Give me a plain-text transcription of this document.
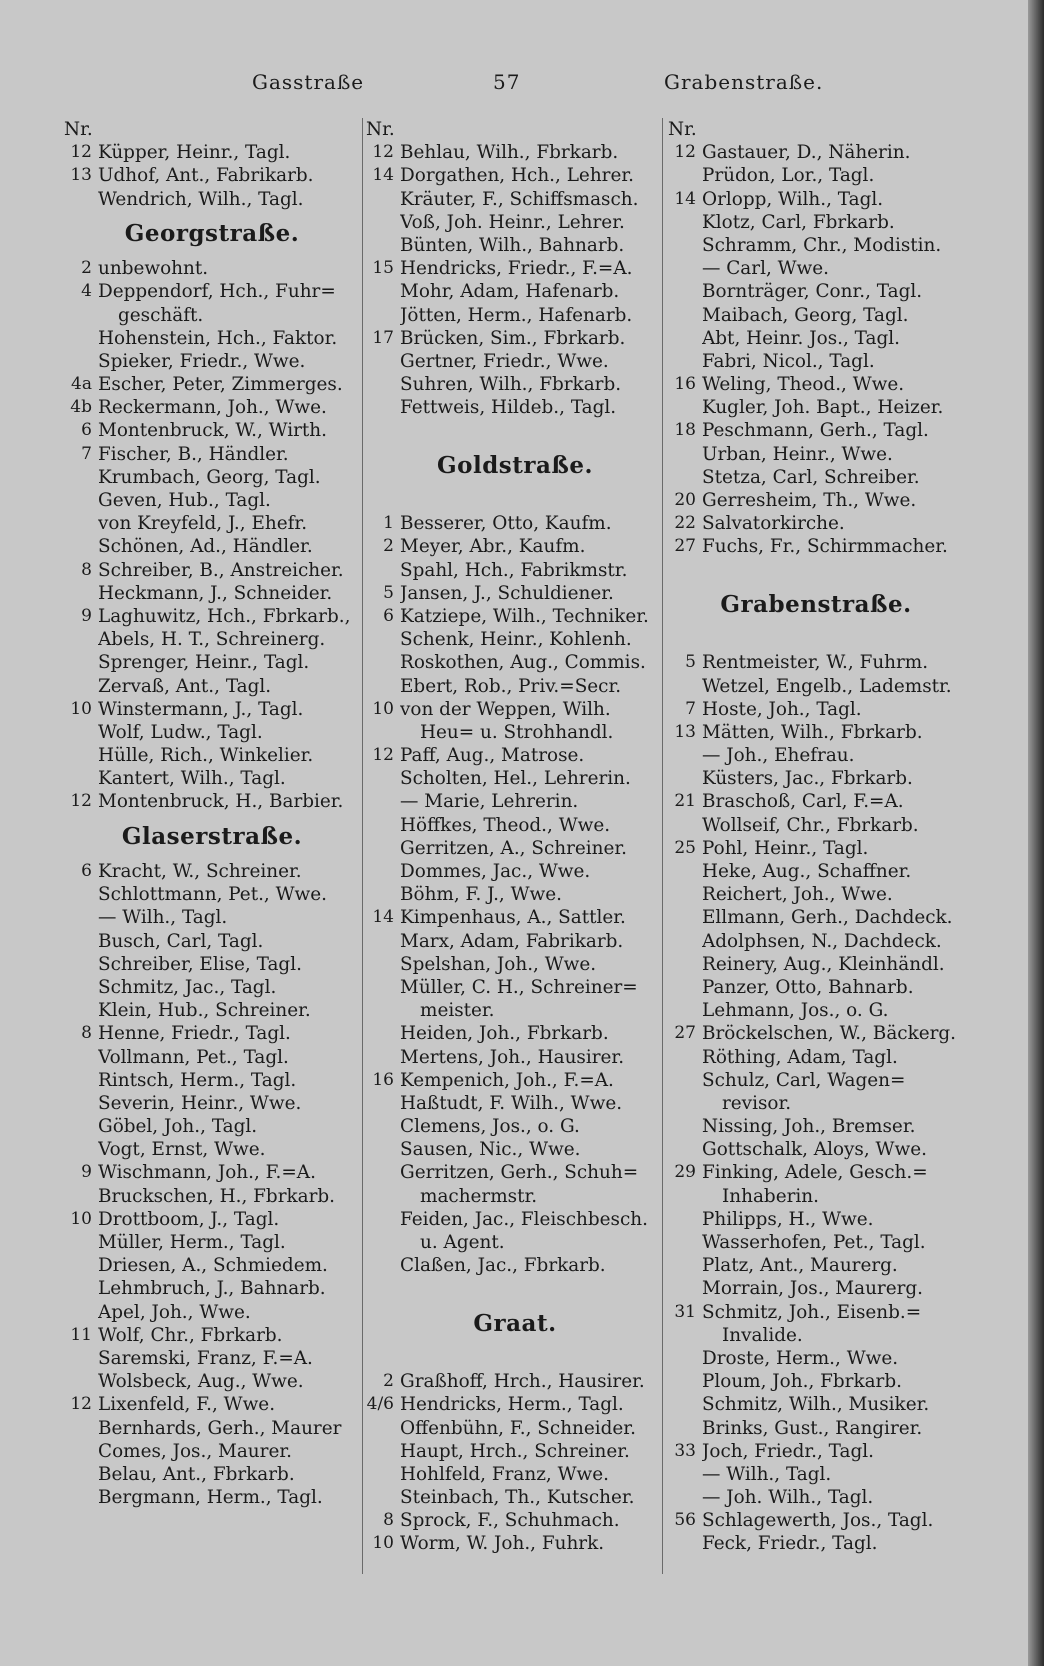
Gasstraße	57	Grabenstraße.
Nr.
12 Küpper, Heinr., Tagl.
13 Udhof, Ant., Fabrikarb.
Wendrich, Wilh., Tagl.
Georgstraße.
2 unbewohnt.
4 Deppendorf, Hch., Fuhr=
geschäft.
Hohenstein, Hch., Faktor.
Spieker, Friedr., Wwe.
4a Escher, Peter, Zimmerges.
4b Reckermann, Joh., Wwe.
6 Montenbruck, W., Wirth.
7 Fischer, B., Händler.
Krumbach, Georg, Tagl.
Geven, Hub., Tagl.
von Kreyfeld, J., Ehefr.
Schönen, Ad., Händler.
8 Schreiber, B., Anstreicher.
Heckmann, J., Schneider.
9 Laghuwitz, Hch., Fbrkarb.,
Abels, H. T., Schreinerg.
Sprenger, Heinr., Tagl.
Zervaß, Ant., Tagl.
10 Winstermann, J., Tagl.
Wolf, Ludw., Tagl.
Hülle, Rich., Winkelier.
Kantert, Wilh., Tagl.
12 Montenbruck, H., Barbier.
Glaserstraße.
6 Kracht, W., Schreiner.
Schlottmann, Pet., Wwe.
— Wilh., Tagl.
Busch, Carl, Tagl.
Schreiber, Elise, Tagl.
Schmitz, Jac., Tagl.
Klein, Hub., Schreiner.
8 Henne, Friedr., Tagl.
Vollmann, Pet., Tagl.
Rintsch, Herm., Tagl.
Severin, Heinr., Wwe.
Göbel, Joh., Tagl.
Vogt, Ernst, Wwe.
9 Wischmann, Joh., F.=A.
Bruckschen, H., Fbrkarb.
10 Drottboom, J., Tagl.
Müller, Herm., Tagl.
Driesen, A., Schmiedem.
Lehmbruch, J., Bahnarb.
Apel, Joh., Wwe.
11 Wolf, Chr., Fbrkarb.
Saremski, Franz, F.=A.
Wolsbeck, Aug., Wwe.
12 Lixenfeld, F., Wwe.
Bernhards, Gerh., Maurer
Comes, Jos., Maurer.
Belau, Ant., Fbrkarb.
Bergmann, Herm., Tagl.
Nr.
12 Behlau, Wilh., Fbrkarb.
14 Dorgathen, Hch., Lehrer.
Kräuter, F., Schiffsmasch.
Voß, Joh. Heinr., Lehrer.
Bünten, Wilh., Bahnarb.
15 Hendricks, Friedr., F.=A.
Mohr, Adam, Hafenarb.
Jötten, Herm., Hafenarb.
17 Brücken, Sim., Fbrkarb.
Gertner, Friedr., Wwe.
Suhren, Wilh., Fbrkarb.
Fettweis, Hildeb., Tagl.
Goldstraße.
1 Besserer, Otto, Kaufm.
2 Meyer, Abr., Kaufm.
Spahl, Hch., Fabrikmstr.
5 Jansen, J., Schuldiener.
6 Katziepe, Wilh., Techniker.
Schenk, Heinr., Kohlenh.
Roskothen, Aug., Commis.
Ebert, Rob., Priv.=Secr.
10 von der Weppen, Wilh.
Heu= u. Strohhandl.
12 Paff, Aug., Matrose.
Scholten, Hel., Lehrerin.
— Marie, Lehrerin.
Höffkes, Theod., Wwe.
Gerritzen, A., Schreiner.
Dommes, Jac., Wwe.
Böhm, F. J., Wwe.
14 Kimpenhaus, A., Sattler.
Marx, Adam, Fabrikarb.
Spelshan, Joh., Wwe.
Müller, C. H., Schreiner=
meister.
Heiden, Joh., Fbrkarb.
Mertens, Joh., Hausirer.
16 Kempenich, Joh., F.=A.
Haßtudt, F. Wilh., Wwe.
Clemens, Jos., o. G.
Sausen, Nic., Wwe.
Gerritzen, Gerh., Schuh=
machermstr.
Feiden, Jac., Fleischbesch.
u. Agent.
Claßen, Jac., Fbrkarb.
Graat.
2 Graßhoff, Hrch., Hausirer.
4/6 Hendricks, Herm., Tagl.
Offenbühn, F., Schneider.
Haupt, Hrch., Schreiner.
Hohlfeld, Franz, Wwe.
Steinbach, Th., Kutscher.
8 Sprock, F., Schuhmach.
10 Worm, W. Joh., Fuhrk.
Nr.
12 Gastauer, D., Näherin.
Prüdon, Lor., Tagl.
14 Orlopp, Wilh., Tagl.
Klotz, Carl, Fbrkarb.
Schramm, Chr., Modistin.
— Carl, Wwe.
Bornträger, Conr., Tagl.
Maibach, Georg, Tagl.
Abt, Heinr. Jos., Tagl.
Fabri, Nicol., Tagl.
16 Weling, Theod., Wwe.
Kugler, Joh. Bapt., Heizer.
18 Peschmann, Gerh., Tagl.
Urban, Heinr., Wwe.
Stetza, Carl, Schreiber.
20 Gerresheim, Th., Wwe.
22 Salvatorkirche.
27 Fuchs, Fr., Schirmmacher.
Grabenstraße.
5 Rentmeister, W., Fuhrm.
Wetzel, Engelb., Lademstr.
7 Hoste, Joh., Tagl.
13 Mätten, Wilh., Fbrkarb.
— Joh., Ehefrau.
Küsters, Jac., Fbrkarb.
21 Braschoß, Carl, F.=A.
Wollseif, Chr., Fbrkarb.
25 Pohl, Heinr., Tagl.
Heke, Aug., Schaffner.
Reichert, Joh., Wwe.
Ellmann, Gerh., Dachdeck.
Adolphsen, N., Dachdeck.
Reinery, Aug., Kleinhändl.
Panzer, Otto, Bahnarb.
Lehmann, Jos., o. G.
27 Bröckelschen, W., Bäckerg.
Röthing, Adam, Tagl.
Schulz, Carl, Wagen=
revisor.
Nissing, Joh., Bremser.
Gottschalk, Aloys, Wwe.
29 Finking, Adele, Gesch.=
Inhaberin.
Philipps, H., Wwe.
Wasserhofen, Pet., Tagl.
Platz, Ant., Maurerg.
Morrain, Jos., Maurerg.
31 Schmitz, Joh., Eisenb.=
Invalide.
Droste, Herm., Wwe.
Ploum, Joh., Fbrkarb.
Schmitz, Wilh., Musiker.
Brinks, Gust., Rangirer.
33 Joch, Friedr., Tagl.
— Wilh., Tagl.
— Joh. Wilh., Tagl.
56 Schlagewerth, Jos., Tagl.
Feck, Friedr., Tagl.
